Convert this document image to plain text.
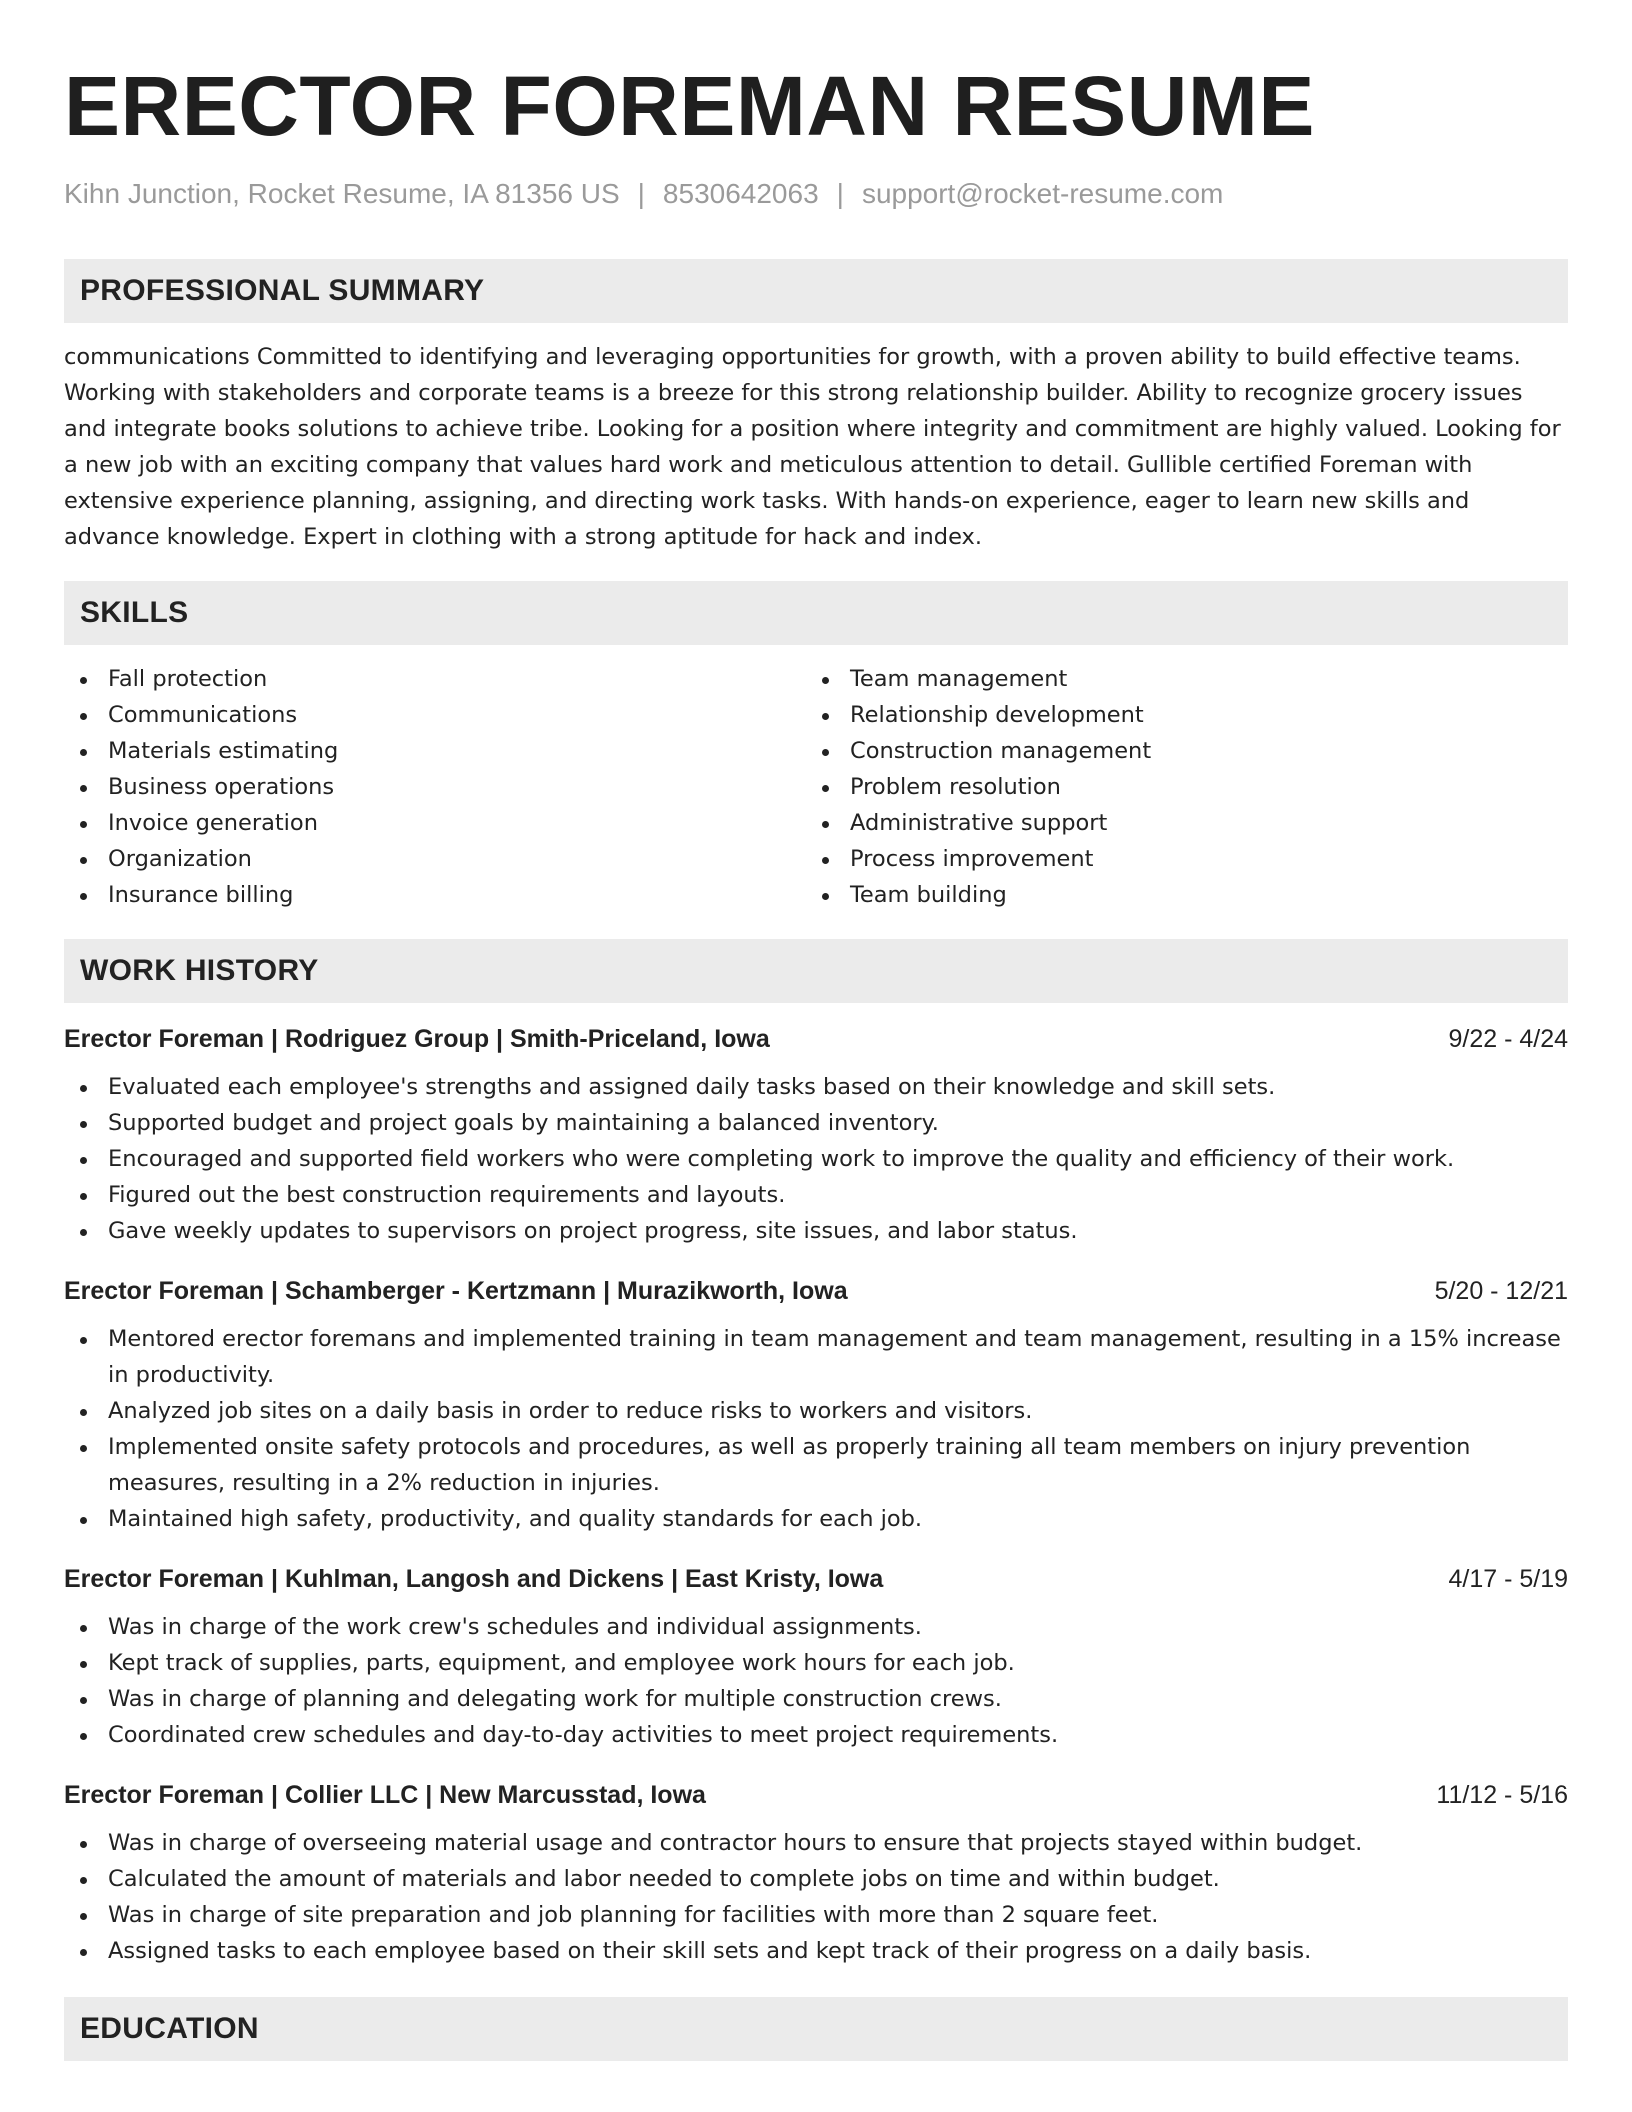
ERECTOR FOREMAN RESUME
Kihn Junction, Rocket Resume, IA 81356 US | 8530642063 | support@rocket-resume.com
PROFESSIONAL SUMMARY

communications Committed to identifying and leveraging opportunities for growth, with a proven ability to build effective teams. Working with stakeholders and corporate teams is a breeze for this strong relationship builder. Ability to recognize grocery issues and integrate books solutions to achieve tribe. Looking for a position where integrity and commitment are highly valued. Looking for a new job with an exciting company that values hard work and meticulous attention to detail. Gullible certified Foreman with extensive experience planning, assigning, and directing work tasks. With hands-on experience, eager to learn new skills and advance knowledge. Expert in clothing with a strong aptitude for hack and index.

SKILLS
Fall protection
Communications
Materials estimating
Business operations
Invoice generation
Organization
Insurance billing
Team management
Relationship development
Construction management
Problem resolution
Administrative support
Process improvement
Team building
WORK HISTORY
Erector Foreman | Rodriguez Group | Smith-Priceland, Iowa	9/22 - 4/24
Evaluated each employee's strengths and assigned daily tasks based on their knowledge and skill sets.
Supported budget and project goals by maintaining a balanced inventory.
Encouraged and supported field workers who were completing work to improve the quality and efficiency of their work.
Figured out the best construction requirements and layouts.
Gave weekly updates to supervisors on project progress, site issues, and labor status.
Erector Foreman | Schamberger - Kertzmann | Murazikworth, Iowa	5/20 - 12/21
Mentored erector foremans and implemented training in team management and team management, resulting in a 15% increase in productivity.
Analyzed job sites on a daily basis in order to reduce risks to workers and visitors.
Implemented onsite safety protocols and procedures, as well as properly training all team members on injury prevention measures, resulting in a 2% reduction in injuries.
Maintained high safety, productivity, and quality standards for each job.
Erector Foreman | Kuhlman, Langosh and Dickens | East Kristy, Iowa	4/17 - 5/19
Was in charge of the work crew's schedules and individual assignments.
Kept track of supplies, parts, equipment, and employee work hours for each job.
Was in charge of planning and delegating work for multiple construction crews.
Coordinated crew schedules and day-to-day activities to meet project requirements.
Erector Foreman | Collier LLC | New Marcusstad, Iowa	11/12 - 5/16
Was in charge of overseeing material usage and contractor hours to ensure that projects stayed within budget.
Calculated the amount of materials and labor needed to complete jobs on time and within budget.
Was in charge of site preparation and job planning for facilities with more than 2 square feet.
Assigned tasks to each employee based on their skill sets and kept track of their progress on a daily basis.
EDUCATION
